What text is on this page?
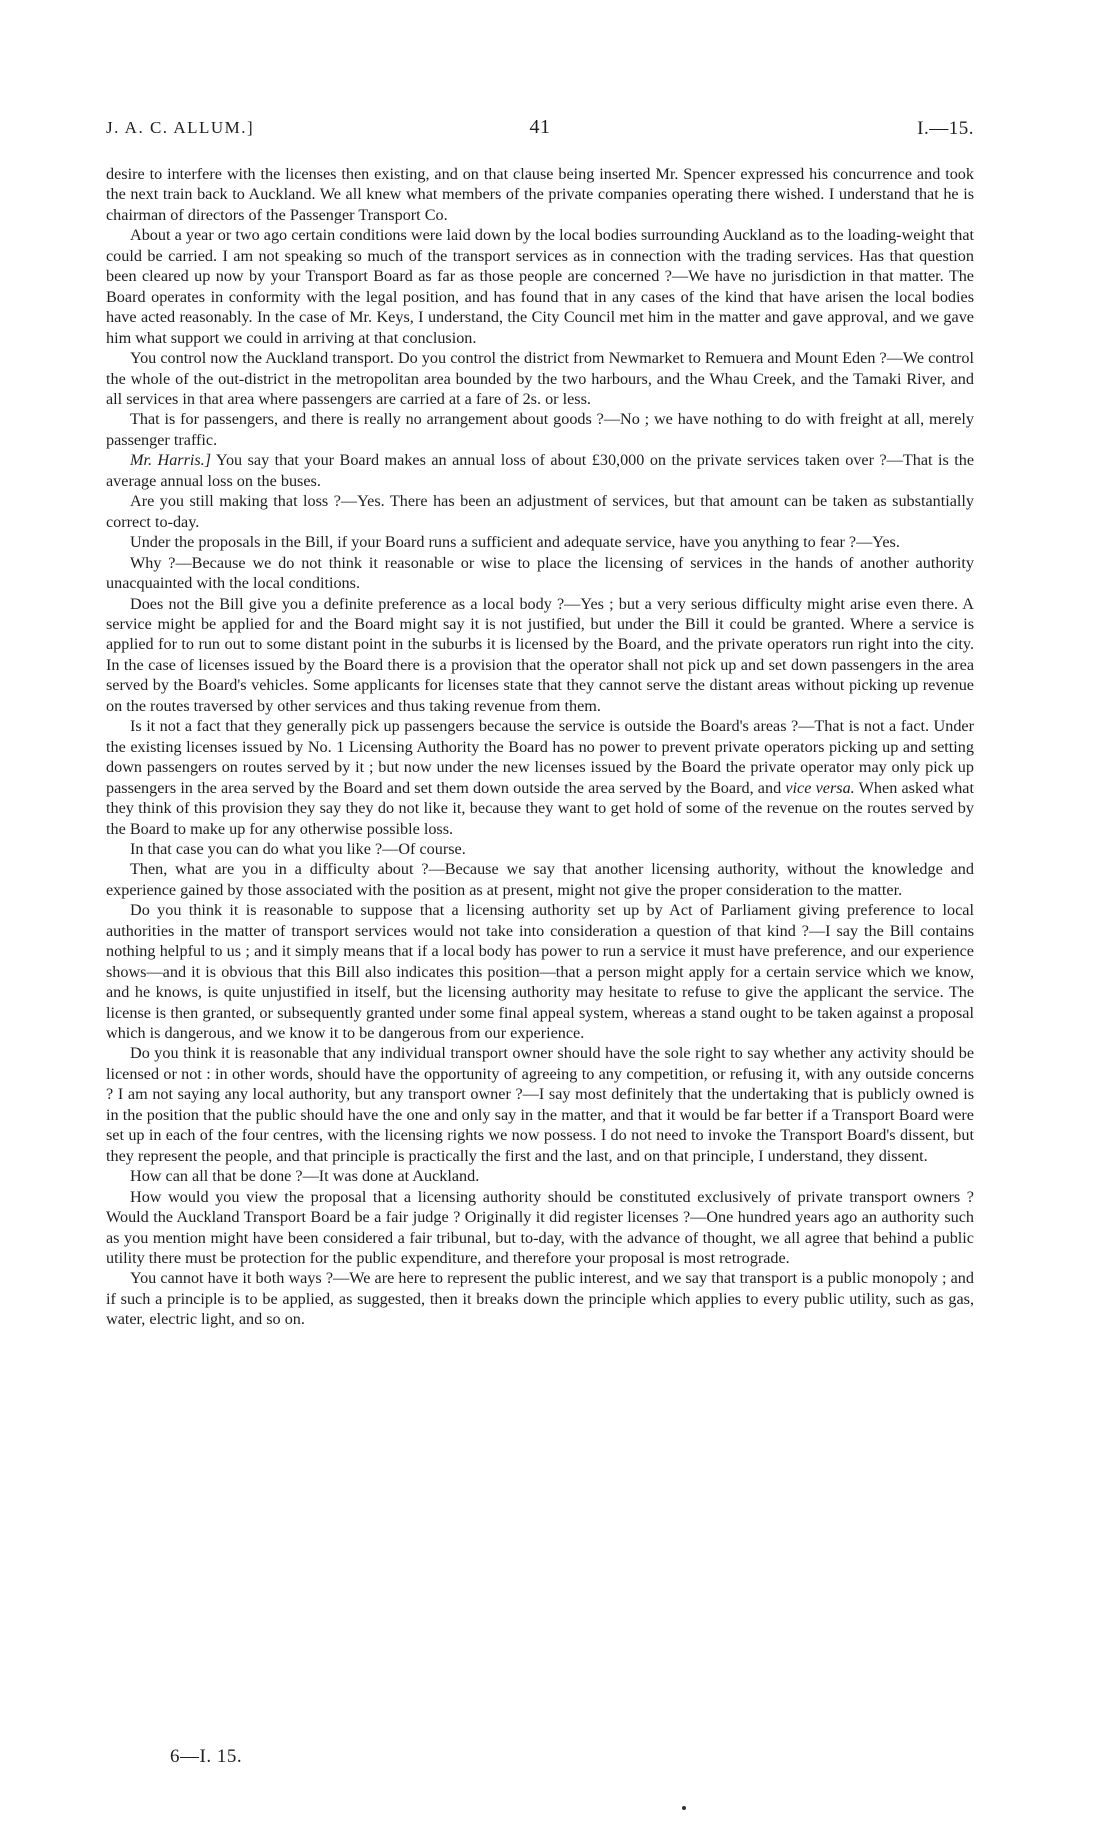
J. A. C. ALLUM.]	41	I.—15.

desire to interfere with the licenses then existing, and on that clause being inserted Mr. Spencer expressed his concurrence and took the next train back to Auckland. We all knew what members of the private companies operating there wished. I understand that he is chairman of directors of the Passenger Transport Co.

About a year or two ago certain conditions were laid down by the local bodies surrounding Auckland as to the loading-weight that could be carried. I am not speaking so much of the transport services as in connection with the trading services. Has that question been cleared up now by your Transport Board as far as those people are concerned ?—We have no jurisdiction in that matter. The Board operates in conformity with the legal position, and has found that in any cases of the kind that have arisen the local bodies have acted reasonably. In the case of Mr. Keys, I understand, the City Council met him in the matter and gave approval, and we gave him what support we could in arriving at that conclusion.

You control now the Auckland transport. Do you control the district from Newmarket to Remuera and Mount Eden ?—We control the whole of the out-district in the metropolitan area bounded by the two harbours, and the Whau Creek, and the Tamaki River, and all services in that area where passengers are carried at a fare of 2s. or less.

That is for passengers, and there is really no arrangement about goods ?—No ; we have nothing to do with freight at all, merely passenger traffic.

Mr. Harris.] You say that your Board makes an annual loss of about £30,000 on the private services taken over ?—That is the average annual loss on the buses.

Are you still making that loss ?—Yes. There has been an adjustment of services, but that amount can be taken as substantially correct to-day.

Under the proposals in the Bill, if your Board runs a sufficient and adequate service, have you anything to fear ?—Yes.

Why ?—Because we do not think it reasonable or wise to place the licensing of services in the hands of another authority unacquainted with the local conditions.

Does not the Bill give you a definite preference as a local body ?—Yes ; but a very serious difficulty might arise even there. A service might be applied for and the Board might say it is not justified, but under the Bill it could be granted. Where a service is applied for to run out to some distant point in the suburbs it is licensed by the Board, and the private operators run right into the city. In the case of licenses issued by the Board there is a provision that the operator shall not pick up and set down passengers in the area served by the Board's vehicles. Some applicants for licenses state that they cannot serve the distant areas without picking up revenue on the routes traversed by other services and thus taking revenue from them.

Is it not a fact that they generally pick up passengers because the service is outside the Board's areas ?—That is not a fact. Under the existing licenses issued by No. 1 Licensing Authority the Board has no power to prevent private operators picking up and setting down passengers on routes served by it ; but now under the new licenses issued by the Board the private operator may only pick up passengers in the area served by the Board and set them down outside the area served by the Board, and vice versa. When asked what they think of this provision they say they do not like it, because they want to get hold of some of the revenue on the routes served by the Board to make up for any otherwise possible loss.

In that case you can do what you like ?—Of course.

Then, what are you in a difficulty about ?—Because we say that another licensing authority, without the knowledge and experience gained by those associated with the position as at present, might not give the proper consideration to the matter.

Do you think it is reasonable to suppose that a licensing authority set up by Act of Parliament giving preference to local authorities in the matter of transport services would not take into consideration a question of that kind ?—I say the Bill contains nothing helpful to us ; and it simply means that if a local body has power to run a service it must have preference, and our experience shows—and it is obvious that this Bill also indicates this position—that a person might apply for a certain service which we know, and he knows, is quite unjustified in itself, but the licensing authority may hesitate to refuse to give the applicant the service. The license is then granted, or subsequently granted under some final appeal system, whereas a stand ought to be taken against a proposal which is dangerous, and we know it to be dangerous from our experience.

Do you think it is reasonable that any individual transport owner should have the sole right to say whether any activity should be licensed or not : in other words, should have the opportunity of agreeing to any competition, or refusing it, with any outside concerns ? I am not saying any local authority, but any transport owner ?—I say most definitely that the undertaking that is publicly owned is in the position that the public should have the one and only say in the matter, and that it would be far better if a Transport Board were set up in each of the four centres, with the licensing rights we now possess. I do not need to invoke the Transport Board's dissent, but they represent the people, and that principle is practically the first and the last, and on that principle, I understand, they dissent.

How can all that be done ?—It was done at Auckland.

How would you view the proposal that a licensing authority should be constituted exclusively of private transport owners ? Would the Auckland Transport Board be a fair judge ? Originally it did register licenses ?—One hundred years ago an authority such as you mention might have been considered a fair tribunal, but to-day, with the advance of thought, we all agree that behind a public utility there must be protection for the public expenditure, and therefore your proposal is most retrograde.

You cannot have it both ways ?—We are here to represent the public interest, and we say that transport is a public monopoly ; and if such a principle is to be applied, as suggested, then it breaks down the principle which applies to every public utility, such as gas, water, electric light, and so on.

6—I. 15.
